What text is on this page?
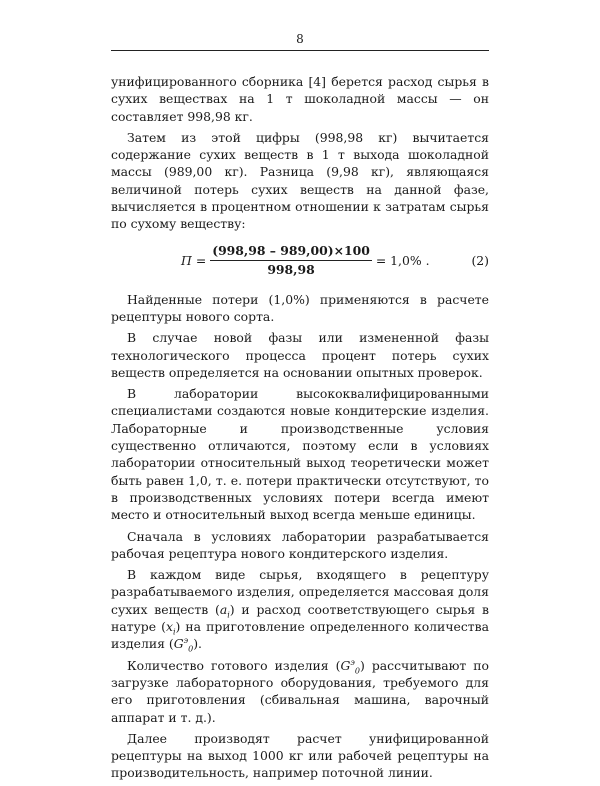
8

унифицированного сборника [4] берется расход сырья в сухих веществах на 1 т шоколадной массы — он составляет 998,98 кг.

Затем из этой цифры (998,98 кг) вычитается содержание сухих веществ в 1 т выхода шоколадной массы (989,00 кг). Разница (9,98 кг), являющаяся величиной потерь сухих веществ на данной фазе, вычисляется в процентном отношении к затратам сырья по сухому веществу:

$П = \frac{(998,98 - 989,00)\times 100}{998,98} = 1,0\%$ .	(2)

Найденные потери (1,0%) применяются в расчете рецептуры нового сорта.

В случае новой фазы или измененной фазы технологического процесса процент потерь сухих веществ определяется на основании опытных проверок.

В лаборатории высококвалифицированными специалистами создаются новые кондитерские изделия. Лабораторные и производственные условия существенно отличаются, поэтому если в условиях лаборатории относительный выход теоретически может быть равен 1,0, т. е. потери практически отсутствуют, то в производственных условиях потери всегда имеют место и относительный выход всегда меньше единицы.

Сначала в условиях лаборатории разрабатывается рабочая рецептура нового кондитерского изделия.

В каждом виде сырья, входящего в рецептуру разрабатываемого изделия, определяется массовая доля сухих веществ $(a_i)$ и расход соответствующего сырья в натуре $(x_i)$ на приготовление определенного количества изделия $(G^э_0)$.

Количество готового изделия $(G^э_0)$ рассчитывают по загрузке лабораторного оборудования, требуемого для его приготовления (сбивальная машина, варочный аппарат и т. д.).

Далее производят расчет унифицированной рецептуры на выход 1000 кг или рабочей рецептуры на производительность, например поточной линии.
